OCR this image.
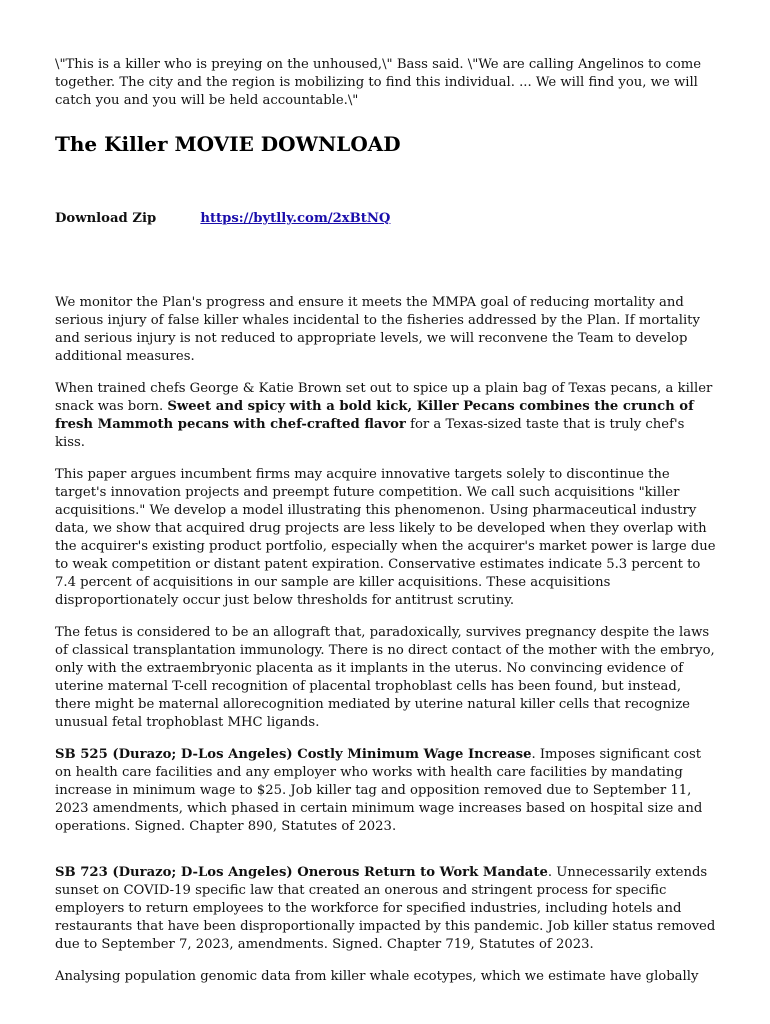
\"This is a killer who is preying on the unhoused,\" Bass said. \"We are calling Angelinos to come together. The city and the region is mobilizing to find this individual. ... We will find you, we will catch you and you will be held accountable.\"

The Killer MOVIE DOWNLOAD

Download Zip    https://bytlly.com/2xBtNQ

We monitor the Plan's progress and ensure it meets the MMPA goal of reducing mortality and serious injury of false killer whales incidental to the fisheries addressed by the Plan. If mortality and serious injury is not reduced to appropriate levels, we will reconvene the Team to develop additional measures.

When trained chefs George & Katie Brown set out to spice up a plain bag of Texas pecans, a killer snack was born. Sweet and spicy with a bold kick, Killer Pecans combines the crunch of fresh Mammoth pecans with chef-crafted flavor for a Texas-sized taste that is truly chef's kiss.

This paper argues incumbent firms may acquire innovative targets solely to discontinue the target's innovation projects and preempt future competition. We call such acquisitions "killer acquisitions." We develop a model illustrating this phenomenon. Using pharmaceutical industry data, we show that acquired drug projects are less likely to be developed when they overlap with the acquirer's existing product portfolio, especially when the acquirer's market power is large due to weak competition or distant patent expiration. Conservative estimates indicate 5.3 percent to 7.4 percent of acquisitions in our sample are killer acquisitions. These acquisitions disproportionately occur just below thresholds for antitrust scrutiny.

The fetus is considered to be an allograft that, paradoxically, survives pregnancy despite the laws of classical transplantation immunology. There is no direct contact of the mother with the embryo, only with the extraembryonic placenta as it implants in the uterus. No convincing evidence of uterine maternal T-cell recognition of placental trophoblast cells has been found, but instead, there might be maternal allorecognition mediated by uterine natural killer cells that recognize unusual fetal trophoblast MHC ligands.

SB 525 (Durazo; D-Los Angeles) Costly Minimum Wage Increase. Imposes significant cost on health care facilities and any employer who works with health care facilities by mandating increase in minimum wage to $25. Job killer tag and opposition removed due to September 11, 2023 amendments, which phased in certain minimum wage increases based on hospital size and operations. Signed. Chapter 890, Statutes of 2023.

SB 723 (Durazo; D-Los Angeles) Onerous Return to Work Mandate. Unnecessarily extends sunset on COVID-19 specific law that created an onerous and stringent process for specific employers to return employees to the workforce for specified industries, including hotels and restaurants that have been disproportionally impacted by this pandemic. Job killer status removed due to September 7, 2023, amendments. Signed. Chapter 719, Statutes of 2023.

Analysing population genomic data from killer whale ecotypes, which we estimate have globally
